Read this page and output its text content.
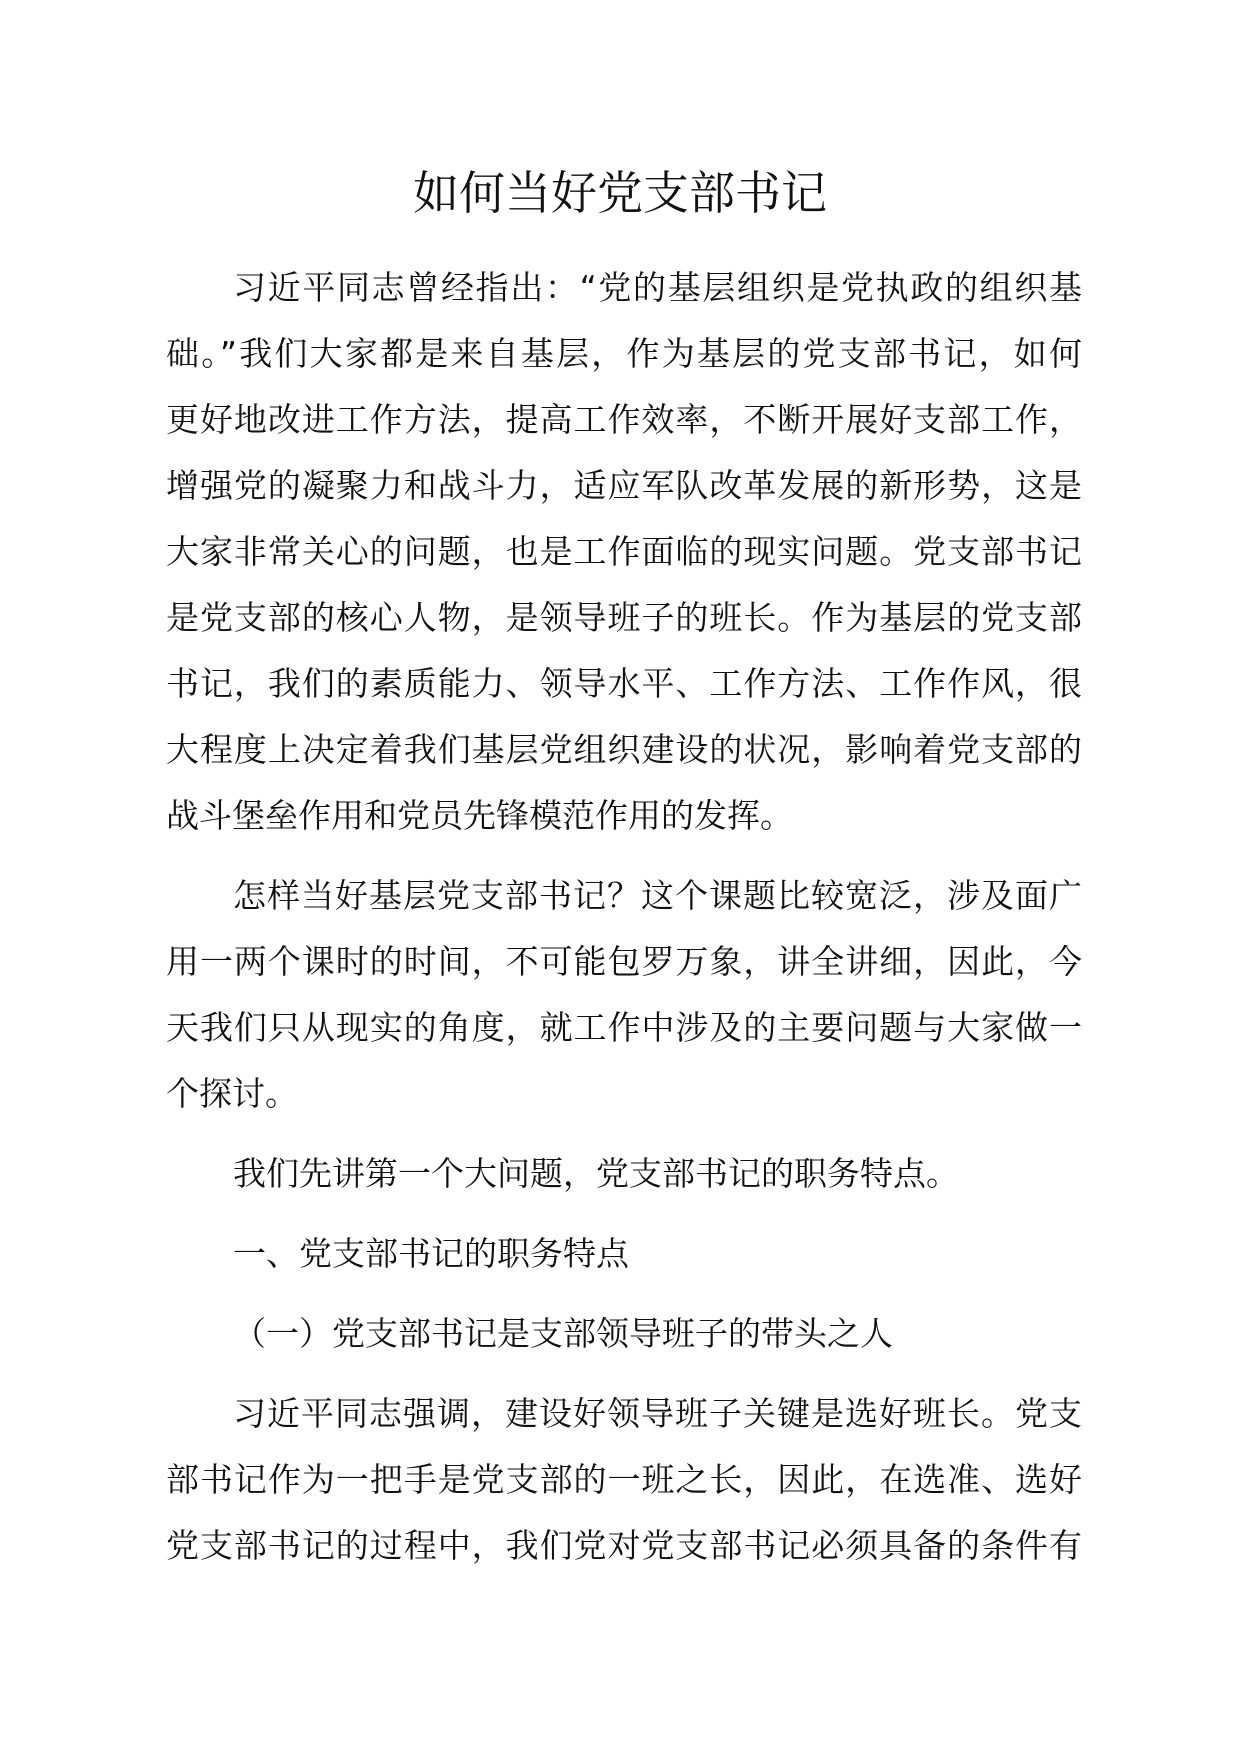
如何当好党支部书记
习近平同志曾经指出：“党的基层组织是党执政的组织基
础。”我们大家都是来自基层，作为基层的党支部书记，如何
更好地改进工作方法，提高工作效率，不断开展好支部工作，
增强党的凝聚力和战斗力，适应军队改革发展的新形势，这是
大家非常关心的问题，也是工作面临的现实问题。党支部书记
是党支部的核心人物，是领导班子的班长。作为基层的党支部
书记，我们的素质能力、领导水平、工作方法、工作作风，很
大程度上决定着我们基层党组织建设的状况，影响着党支部的
战斗堡垒作用和党员先锋模范作用的发挥。
怎样当好基层党支部书记？这个课题比较宽泛，涉及面广
用一两个课时的时间，不可能包罗万象，讲全讲细，因此，今
天我们只从现实的角度，就工作中涉及的主要问题与大家做一
个探讨。
我们先讲第一个大问题，党支部书记的职务特点。
一、党支部书记的职务特点
（一）党支部书记是支部领导班子的带头之人
习近平同志强调，建设好领导班子关键是选好班长。党支
部书记作为一把手是党支部的一班之长，因此，在选准、选好
党支部书记的过程中，我们党对党支部书记必须具备的条件有
